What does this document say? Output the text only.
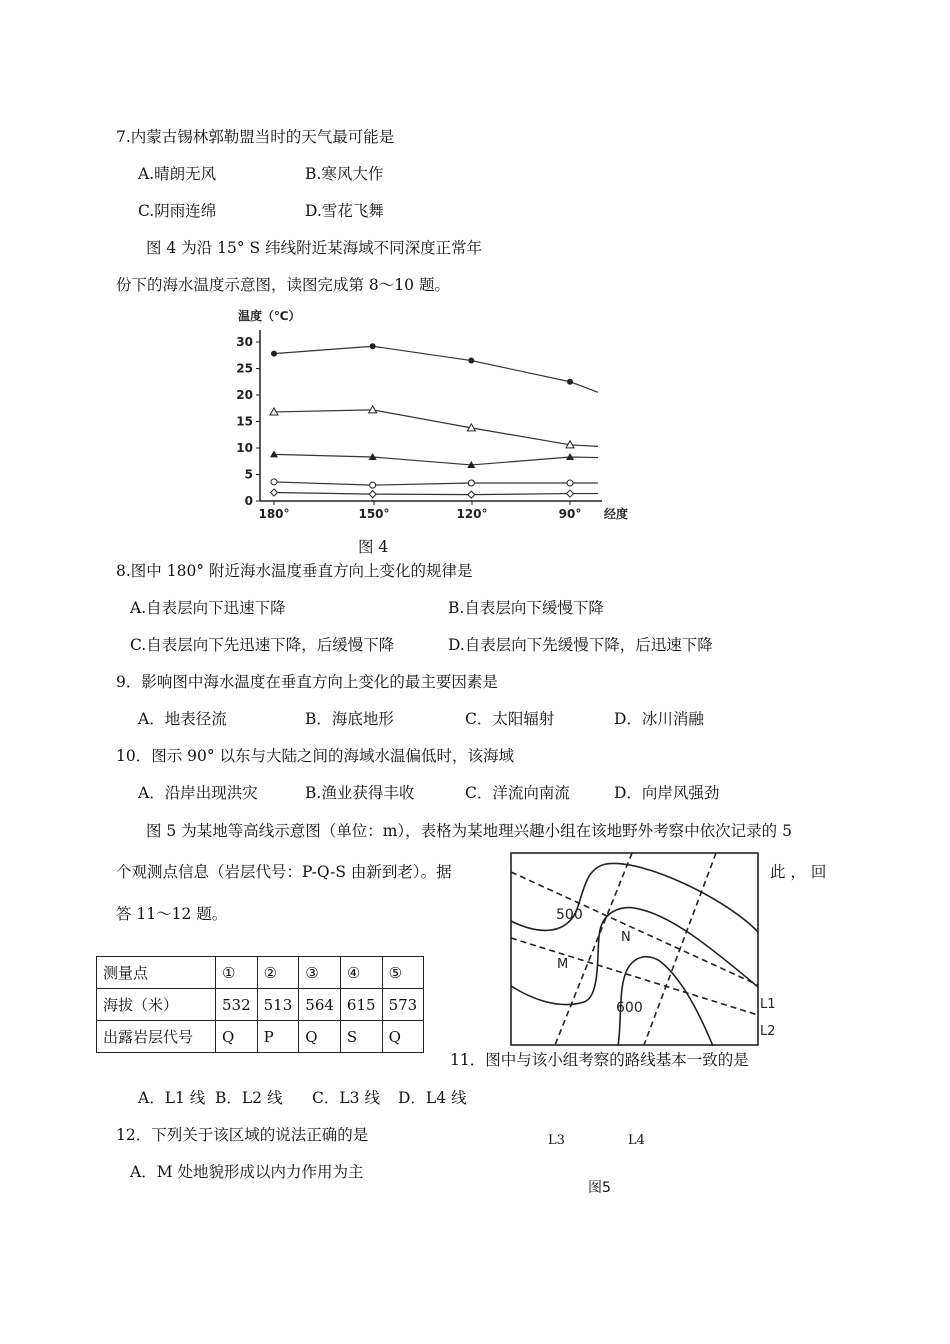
7.内蒙古锡林郭勒盟当时的天气最可能是
A.晴朗无风	B.寒风大作
C.阴雨连绵	D.雪花飞舞
图 4 为沿 15° S 纬线附近某海域不同深度正常年
份下的海水温度示意图，读图完成第 8～10 题。
0
5
10
15
20
25
30
180°	150°	120°	90°
温度（℃）
经度
图 4
8.图中 180° 附近海水温度垂直方向上变化的规律是
A.自表层向下迅速下降	B.自表层向下缓慢下降
C.自表层向下先迅速下降，后缓慢下降	D.自表层向下先缓慢下降，后迅速下降
9．影响图中海水温度在垂直方向上变化的最主要因素是
A．地表径流	B．海底地形	C．太阳辐射	D．冰川消融
10．图示 90° 以东与大陆之间的海域水温偏低时，该海域
A．沿岸出现洪灾	B.渔业获得丰收	C．洋流向南流	D．向岸风强劲
图 5 为某地等高线示意图（单位：m），表格为某地理兴趣小组在该地野外考察中依次记录的 5
个观测点信息（岩层代号：P-Q-S 由新到老）。据	此 ， 回
答 11～12 题。
测量点	①	②	③	④	⑤
海拔（米）	532	513	564	615	573
出露岩层代号	Q	P	Q	S	Q
500
N
M
600	L1
L2
11．图中与该小组考察的路线基本一致的是
A．L1 线 B．L2 线 C．L3 线 D．L4 线
L3	L4
图5
12．下列关于该区域的说法正确的是
A．M 处地貌形成以内力作用为主
